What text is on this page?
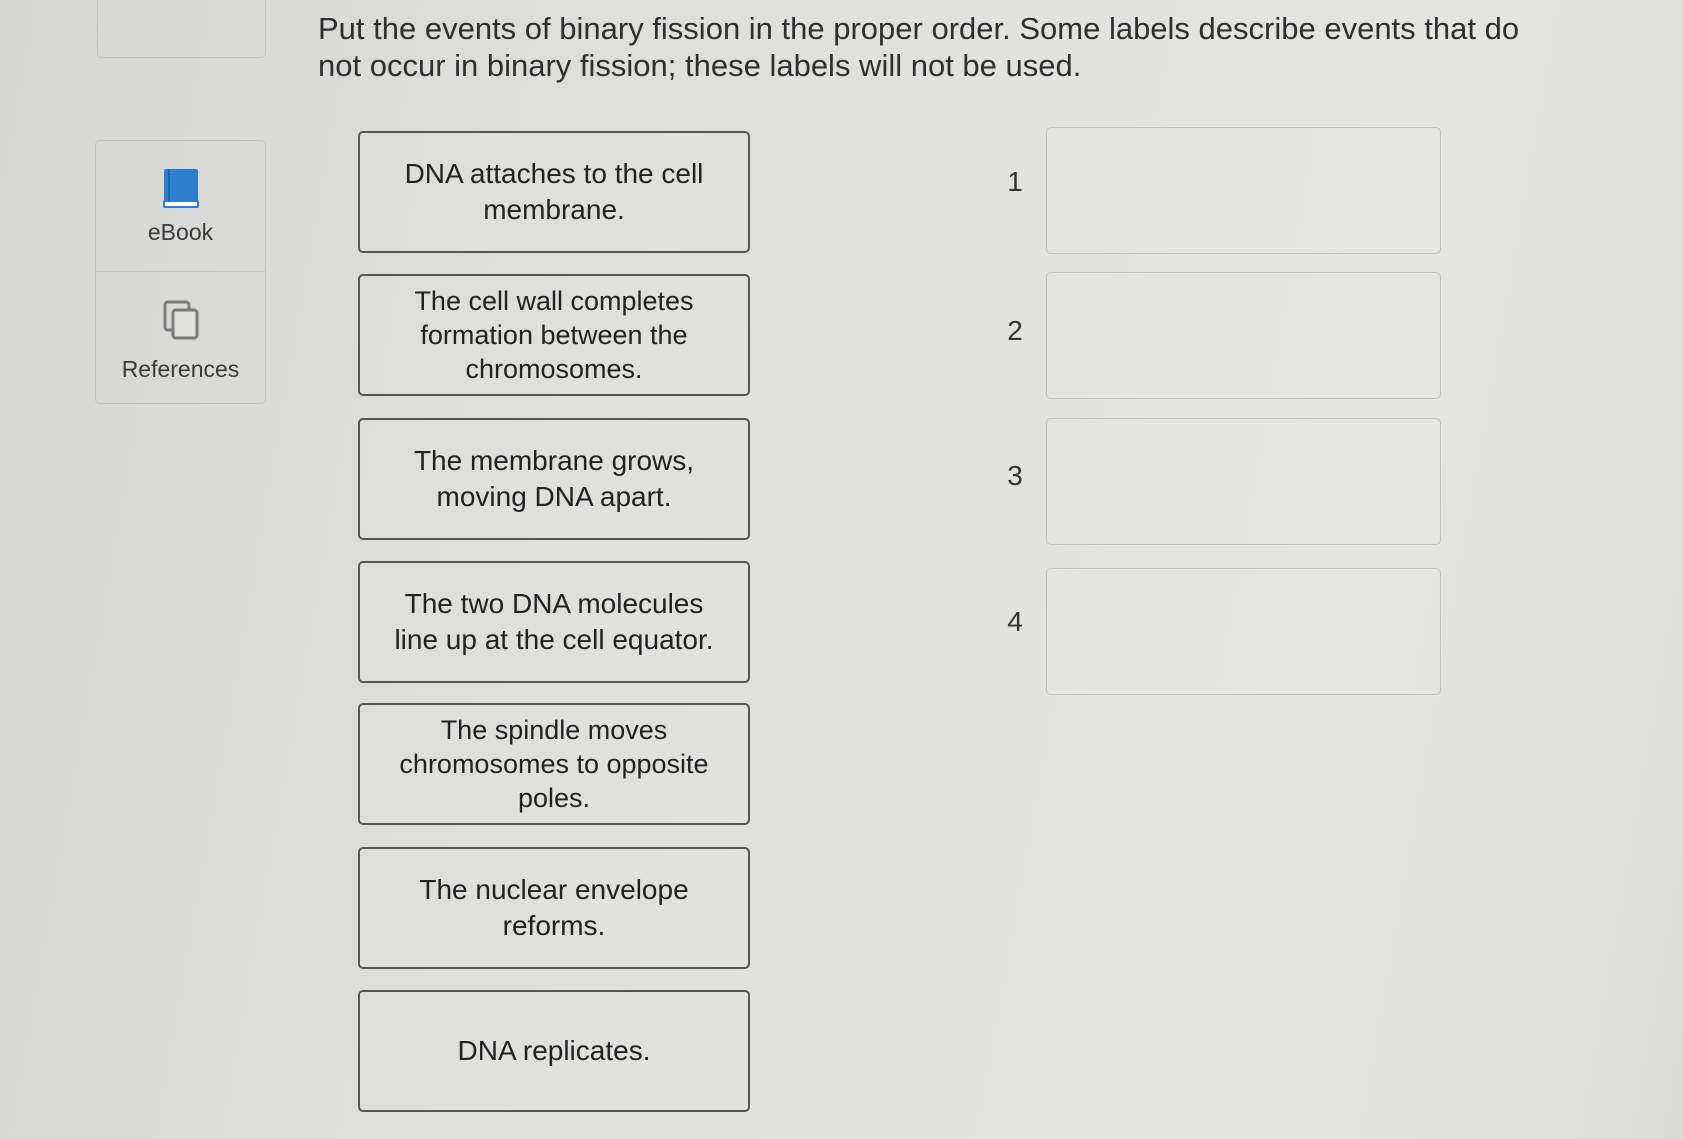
Put the events of binary fission in the proper order. Some labels describe events that do not occur in binary fission; these labels will not be used.

eBook
References
DNA attaches to the cell membrane.
The cell wall completes formation between the chromosomes.
The membrane grows, moving DNA apart.
The two DNA molecules line up at the cell equator.
The spindle moves chromosomes to opposite poles.
The nuclear envelope reforms.
DNA replicates.
1
2
3
4
